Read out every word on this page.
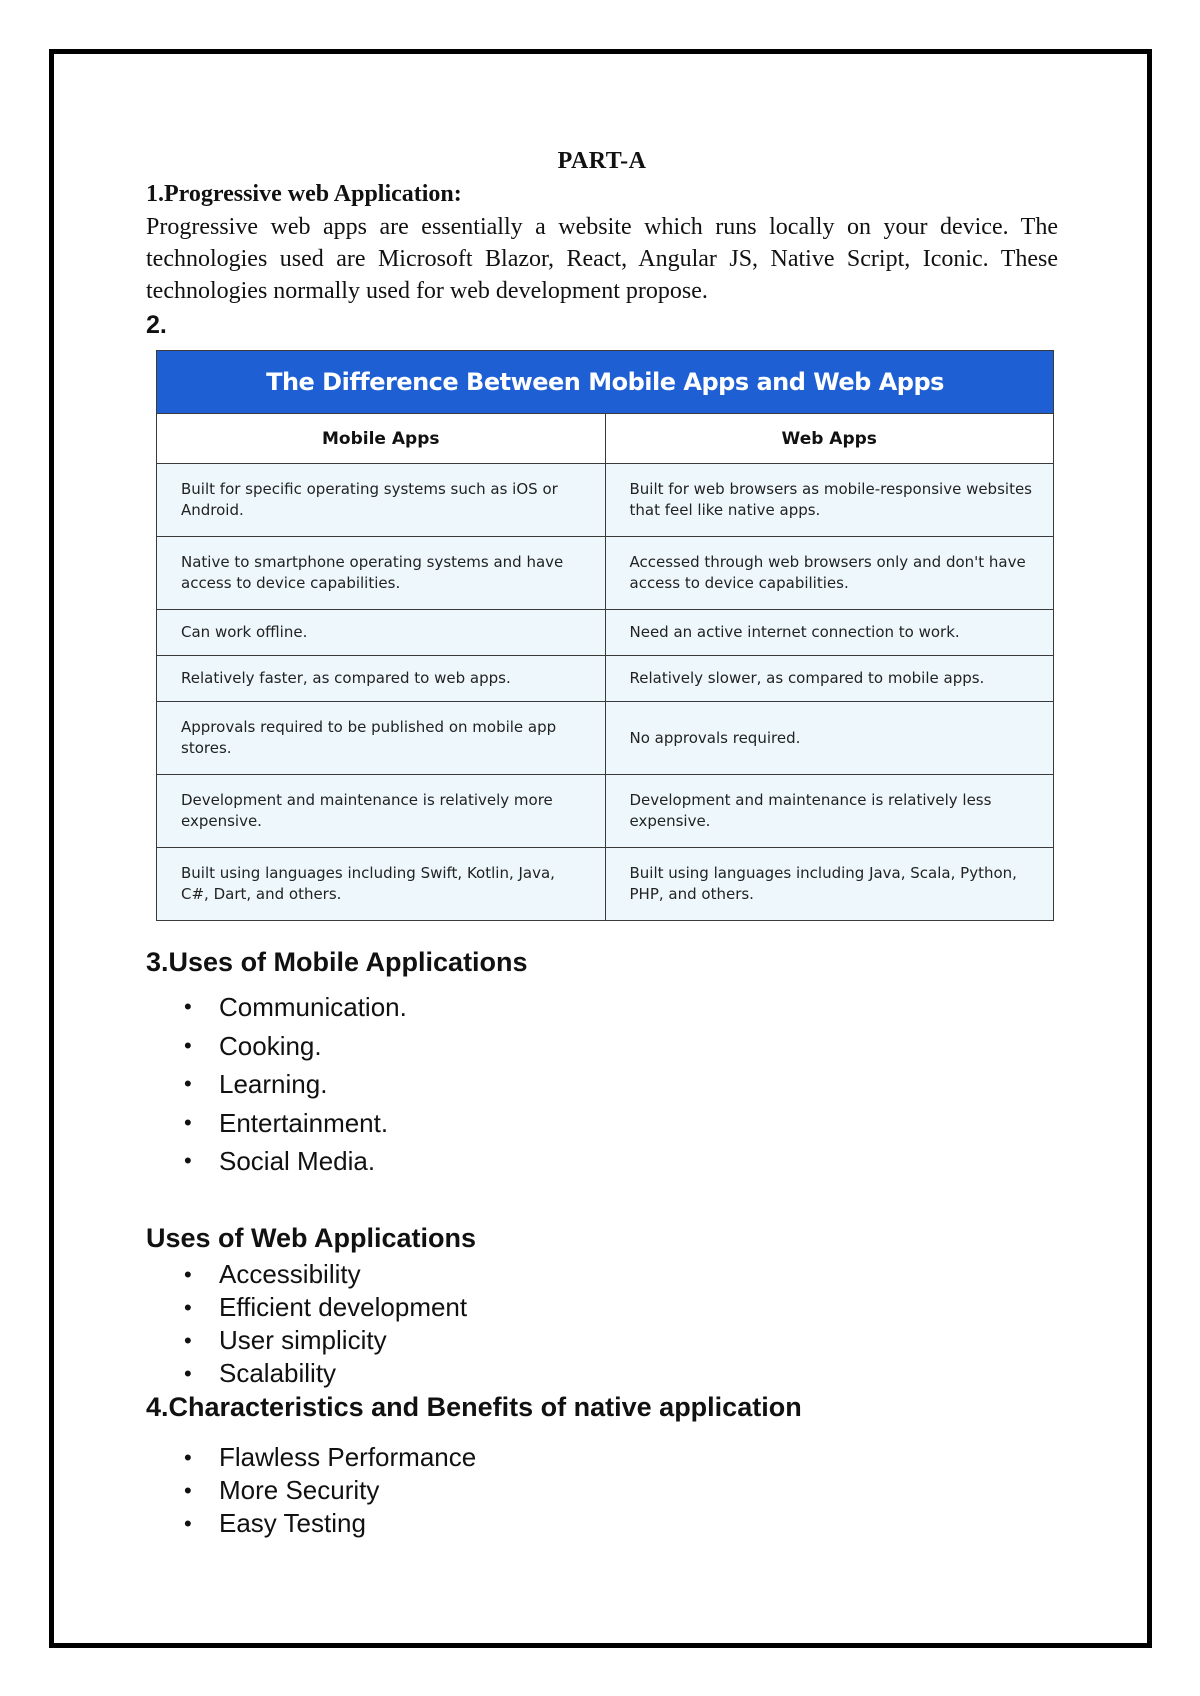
PART-A
1.Progressive web Application:

Progressive web apps are essentially a website which runs locally on your device. The technologies used are Microsoft Blazor, React, Angular JS, Native Script, Iconic. These technologies normally used for web development propose.

2.
The Difference Between Mobile Apps and Web Apps	
Mobile Apps	Web Apps
Built for specific operating systems such as iOS or Android.	Built for web browsers as mobile-responsive websites that feel like native apps.
Native to smartphone operating systems and have access to device capabilities.	Accessed through web browsers only and don't have access to device capabilities.
Can work offline.	Need an active internet connection to work.
Relatively faster, as compared to web apps.	Relatively slower, as compared to mobile apps.
Approvals required to be published on mobile app stores.	No approvals required.
Development and maintenance is relatively more expensive.	Development and maintenance is relatively less expensive.
Built using languages including Swift, Kotlin, Java, C#, Dart, and others.	Built using languages including Java, Scala, Python, PHP, and others.
3.Uses of Mobile Applications
• Communication.
• Cooking.
• Learning.
• Entertainment.
• Social Media.
Uses of Web Applications
• Accessibility
• Efficient development
• User simplicity
• Scalability
4.Characteristics and Benefits of native application
• Flawless Performance
• More Security
• Easy Testing
